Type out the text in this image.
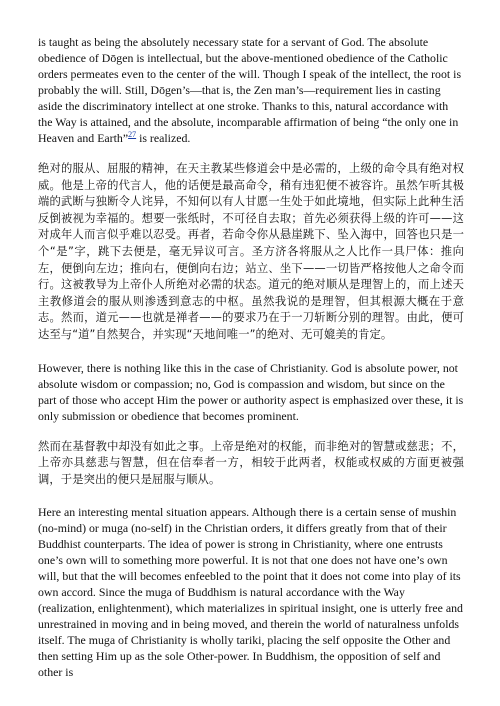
is taught as being the absolutely necessary state for a servant of God. The absolute obedience of Dōgen is intellectual, but the above-mentioned obedience of the Catholic orders permeates even to the center of the will. Though I speak of the intellect, the root is probably the will. Still, Dōgen’s—that is, the Zen man’s—requirement lies in casting aside the discriminatory intellect at one stroke. Thanks to this, natural accordance with the Way is attained, and the absolute, incomparable affirmation of being “the only one in Heaven and Earth”$^{27}$ is realized.

绝对的服从、屈服的精神，在天主教某些修道会中是必需的，上级的命令具有绝对权威。他是上帝的代言人，他的话便是最高命令，稍有违犯便不被容许。虽然乍听其极端的武断与独断令人诧异，不知何以有人甘愿一生处于如此境地，但实际上此种生活反倒被视为幸福的。想要一张纸时，不可径自去取；首先必须获得上级的许可——这对成年人而言似乎难以忍受。再者，若命令你从悬崖跳下、坠入海中，回答也只是一个“是”字，跳下去便是，毫无异议可言。圣方济各将服从之人比作一具尸体：推向左，便倒向左边；推向右，便倒向右边；站立、坐下——一切皆严格按他人之命令而行。这被教导为上帝仆人所绝对必需的状态。道元的绝对顺从是理智上的，而上述天主教修道会的服从则渗透到意志的中枢。虽然我说的是理智，但其根源大概在于意志。然而，道元——也就是禅者——的要求乃在于一刀斩断分别的理智。由此，便可达至与“道”自然契合，并实现“天地间唯一”的绝对、无可媲美的肯定。

However, there is nothing like this in the case of Christianity. God is absolute power, not absolute wisdom or compassion; no, God is compassion and wisdom, but since on the part of those who accept Him the power or authority aspect is emphasized over these, it is only submission or obedience that becomes prominent.

然而在基督教中却没有如此之事。上帝是绝对的权能，而非绝对的智慧或慈悲；不，上帝亦具慈悲与智慧，但在信奉者一方，相较于此两者，权能或权威的方面更被强调，于是突出的便只是屈服与顺从。

Here an interesting mental situation appears. Although there is a certain sense of mushin (no-mind) or muga (no-self) in the Christian orders, it differs greatly from that of their Buddhist counterparts. The idea of power is strong in Christianity, where one entrusts one’s own will to something more powerful. It is not that one does not have one’s own will, but that the will becomes enfeebled to the point that it does not come into play of its own accord. Since the muga of Buddhism is natural accordance with the Way (realization, enlightenment), which materializes in spiritual insight, one is utterly free and unrestrained in moving and in being moved, and therein the world of naturalness unfolds itself. The muga of Christianity is wholly tariki, placing the self opposite the Other and then setting Him up as the sole Other-power. In Buddhism, the opposition of self and other is
